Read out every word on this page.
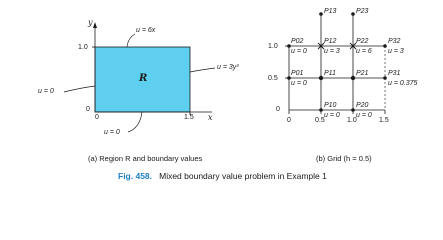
y
x
1.0
0
0	1.5
R
u = 6x
u = 3y³
u = 0
u = 0
(a) Region R and boundary values
1.0
0.5
0
0	0.5	1.0	1.5
P13	P23
P02	P12	P22	P32
P01	P11	P21	P31
P10	P20
u = 0 u = 3 u = 6 u = 3
u = 0	u = 0.375
u = 0 u = 0
(b) Grid (h = 0.5)
Fig. 458. Mixed boundary value problem in Example 1
